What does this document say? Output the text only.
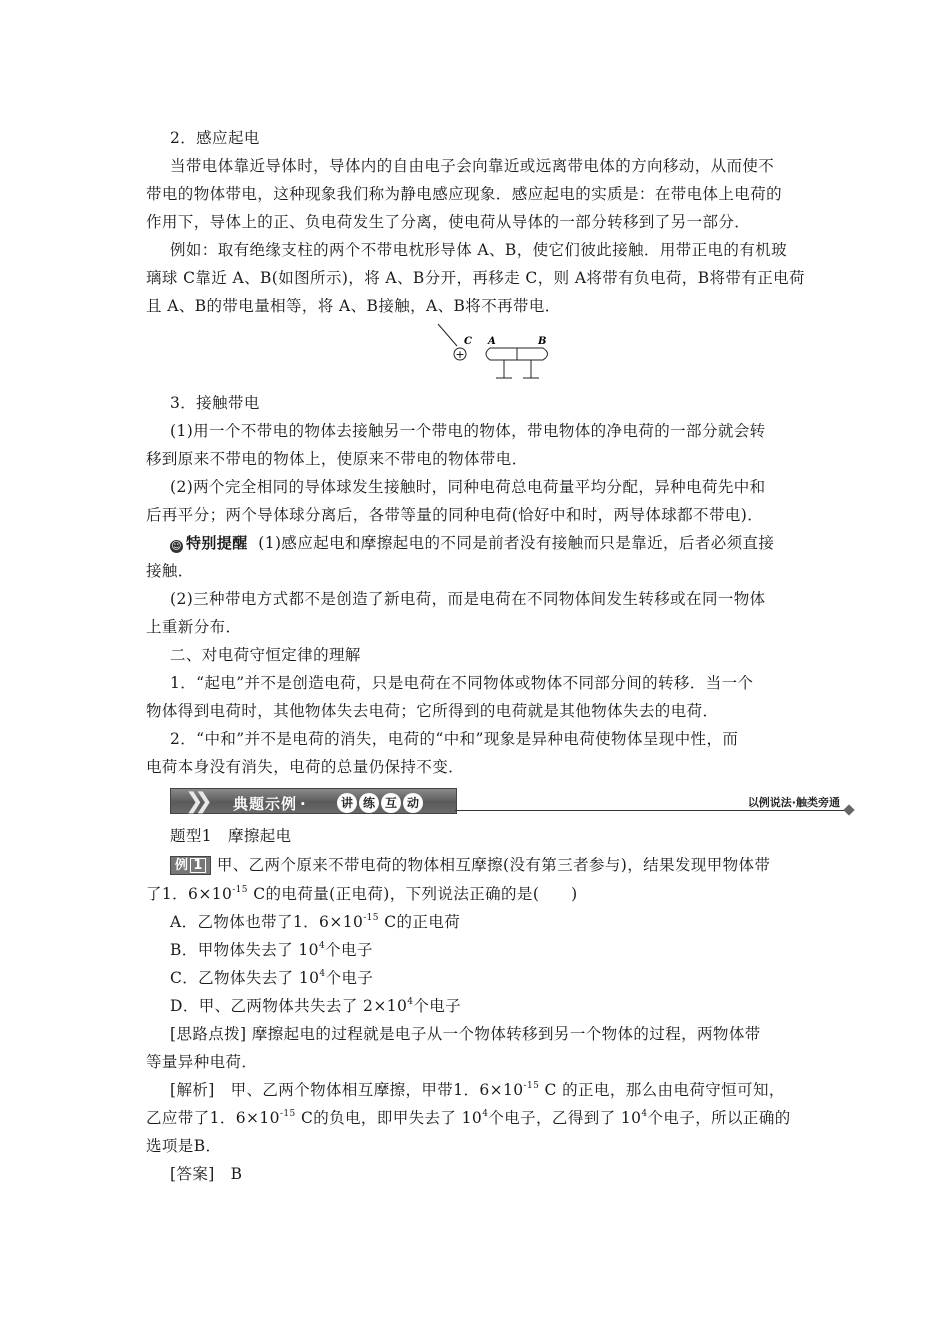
2．感应起电
当带电体靠近导体时，导体内的自由电子会向靠近或远离带电体的方向移动，从而使不
带电的物体带电，这种现象我们称为静电感应现象．感应起电的实质是：在带电体上电荷的
作用下，导体上的正、负电荷发生了分离，使电荷从导体的一部分转移到了另一部分．
例如：取有绝缘支柱的两个不带电枕形导体 A、B，使它们彼此接触．用带正电的有机玻
璃球 C靠近 A、B(如图所示)，将 A、B分开，再移走 C，则 A将带有负电荷，B将带有正电荷
且 A、B的带电量相等，将 A、B接触，A、B将不再带电．
+
C A	B
3．接触带电
(1)用一个不带电的物体去接触另一个带电的物体，带电物体的净电荷的一部分就会转
移到原来不带电的物体上，使原来不带电的物体带电．
(2)两个完全相同的导体球发生接触时，同种电荷总电荷量平均分配，异种电荷先中和
后再平分；两个导体球分离后，各带等量的同种电荷(恰好中和时，两导体球都不带电)．
☺ 特别提醒 (1)感应起电和摩擦起电的不同是前者没有接触而只是靠近，后者必须直接
接触．
(2)三种带电方式都不是创造了新电荷，而是电荷在不同物体间发生转移或在同一物体
上重新分布．
二、对电荷守恒定律的理解
1．“起电”并不是创造电荷，只是电荷在不同物体或物体不同部分间的转移．当一个
物体得到电荷时，其他物体失去电荷；它所得到的电荷就是其他物体失去的电荷．
2．“中和”并不是电荷的消失，电荷的“中和”现象是异种电荷使物体呈现中性，而
电荷本身没有消失，电荷的总量仍保持不变．
❯❯ 典题示例 ·	讲 练 互 动	以例说法·触类旁通
题型1　摩擦起电
例 1 甲、乙两个原来不带电荷的物体相互摩擦(没有第三者参与)，结果发现甲物体带
了1．$6\times 10^{-15}$ C的电荷量(正电荷)，下列说法正确的是(　　)
A．乙物体也带了1．$6\times 10^{-15}$ C的正电荷
B．甲物体失去了 $10^4$个电子
C．乙物体失去了 $10^4$个电子
D．甲、乙两物体共失去了 $2\times 10^4$个电子
[思路点拨] 摩擦起电的过程就是电子从一个物体转移到另一个物体的过程，两物体带
等量异种电荷．
[解析]　甲、乙两个物体相互摩擦，甲带1．$6\times 10^{-15}$ C 的正电，那么由电荷守恒可知，
乙应带了1．$6\times 10^{-15}$ C的负电，即甲失去了 $10^4$个电子，乙得到了 $10^4$个电子，所以正确的
选项是B．
[答案]　B
